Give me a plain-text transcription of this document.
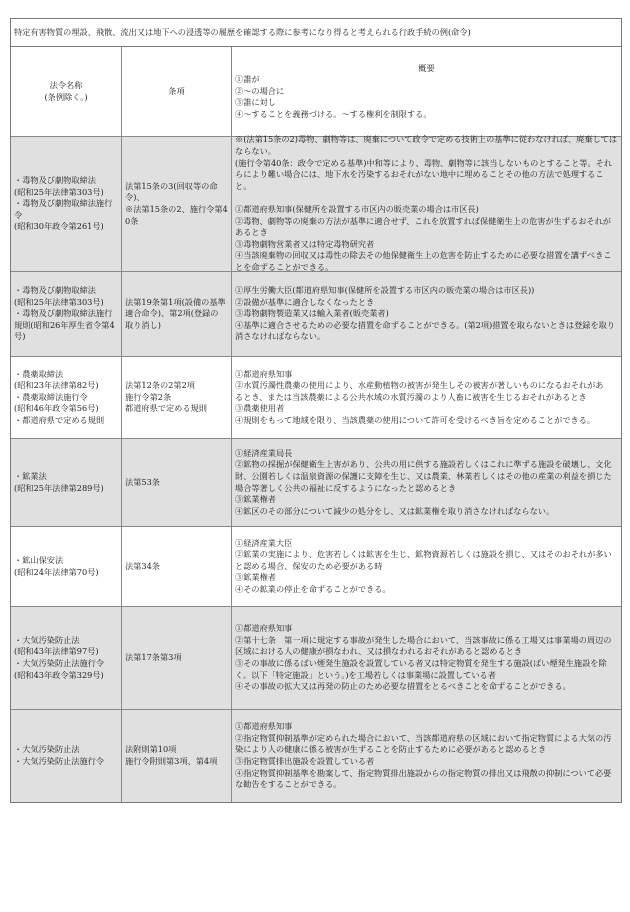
特定有害物質の埋設、飛散、流出又は地下への浸透等の履歴を確認する際に参考になり得ると考えられる行政手続の例(命令)
法令名称
(条例除く。)
条項
概要
①誰が
②～の場合に
③誰に対し
④～することを義務づける。～する権利を制限する。
・毒物及び劇物取締法
(昭和25年法律第303号)
・毒物及び劇物取締法施行
令
(昭和30年政令第261号)
法第15条の3(回収等の命
令)、
※法第15条の2、施行令第4
0条
※(法第15条の2)毒物、劇物等は、廃棄について政令で定める技術上の基準に従わなければ、廃棄しては
ならない。
(施行令第40条：政令で定める基準)中和等により、毒物、劇物等に該当しないものとすること等。それ
らにより難い場合には、地下水を汚染するおそれがない地中に埋めることその他の方法で処理するこ
と。
①都道府県知事(保健所を設置する市区内の販売業の場合は市区長)
②毒物、劇物等の廃棄の方法が基準に適合せず、これを放置すれば保健衛生上の危害が生ずるおそれが
あるとき
③毒物劇物営業者又は特定毒物研究者
④当該廃棄物の回収又は毒性の除去その他保健衛生上の危害を防止するために必要な措置を講ずべきこ
とを命ずることができる。
・毒物及び劇物取締法
(昭和25年法律第303号)
・毒物及び劇物取締法施行
規則(昭和26年厚生省令第4
号)
法第19条第1項(設備の基準
適合命令)、第2項(登録の
取り消し)
①厚生労働大臣(都道府県知事(保健所を設置する市区内の販売業の場合は市区長))
②設備が基準に適合しなくなったとき
③毒物劇物製造業又は輸入業者(販売業者)
④基準に適合させるための必要な措置を命ずることができる。(第2項)措置を取らないときは登録を取り
消さなければならない。
・農薬取締法
(昭和23年法律第82号)
・農薬取締法施行令
(昭和46年政令第56号)
・都道府県で定める規則
法第12条の2第2項
施行令第2条
都道府県で定める規則
①都道府県知事
②水質汚濁性農薬の使用により、水産動植物の被害が発生しその被害が著しいものになるおそれがあ
るとき、または当該農薬による公共水域の水質汚濁のより人畜に被害を生じるおそれがあるとき
③農薬使用者
④規則をもって地域を限り、当該農薬の使用について許可を受けるべき旨を定めることができる。
・鉱業法
(昭和25年法律第289号)
法第53条
①経済産業局長
②鉱物の採掘が保健衛生上害があり、公共の用に供する施設若しくはこれに準ずる施設を破壊し、文化
財、公園若しくは温泉資源の保護に支障を生じ、又は農業、林業若しくはその他の産業の利益を損じた
場合等著しく公共の福祉に反するようになったと認めるとき
③鉱業権者
④鉱区のその部分について減少の処分をし、又は鉱業権を取り消さなければならない。
・鉱山保安法
(昭和24年法律第70号)
法第34条
①経済産業大臣
②鉱業の実施により、危害若しくは鉱害を生じ、鉱物資源若しくは施設を損じ、又はそのおそれが多い
と認める場合、保安のため必要がある時
③鉱業権者
④その鉱業の停止を命ずることができる。
・大気汚染防止法
(昭和43年法律第97号)
・大気汚染防止法施行令
(昭和43年政令第329号)
法第17条第3項
①都道府県知事
②第十七条　第一項に規定する事故が発生した場合において、当該事故に係る工場又は事業場の周辺の
区域における人の健康が損なわれ、又は損なわれるおそれがあると認めるとき
③その事故に係るばい煙発生施設を設置している者又は特定物質を発生する施設(ばい煙発生施設を除
く。以下「特定施設」という。)を工場若しくは事業場に設置している者
④その事故の拡大又は再発の防止のため必要な措置をとるべきことを命ずることができる。
・大気汚染防止法
・大気汚染防止法施行令
法附則第10項
施行令附則第3項、第4項
①都道府県知事
②指定物質抑制基準が定められた場合において、当該都道府県の区域において指定物質による大気の汚
染により人の健康に係る被害が生ずることを防止するために必要があると認めるとき
③指定物質排出施設を設置している者
④指定物質抑制基準を勘案して、指定物質排出施設からの指定物質の排出又は飛散の抑制について必要
な勧告をすることができる。
